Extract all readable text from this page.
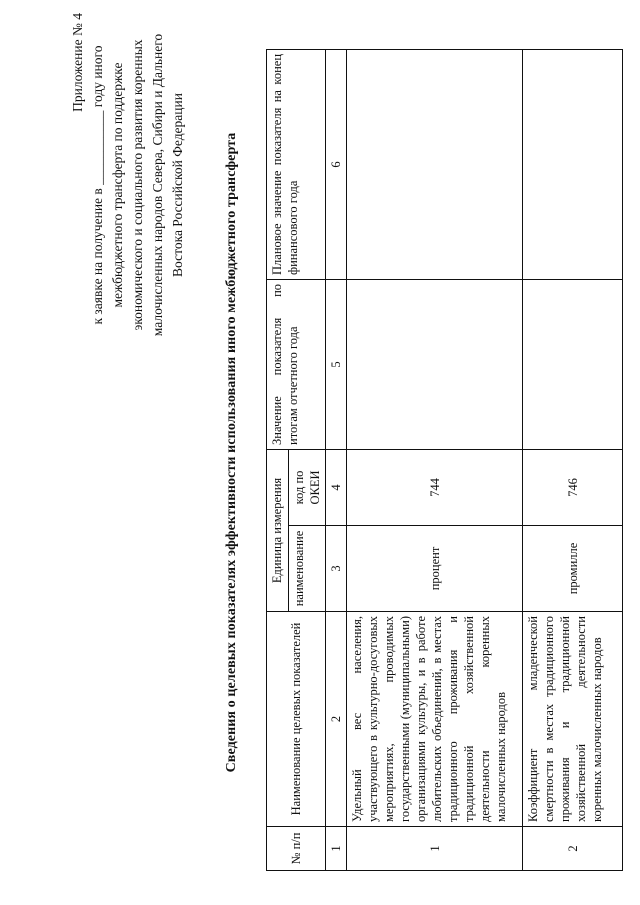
Приложение № 4 к заявке на получение в ___________ году иного межбюджетного трансферта по поддержке экономического и социального развития коренных малочисленных народов Севера, Сибири и Дальнего Востока Российской Федерации	Сведения о целевых показателях эффективности использования иного межбюджетного трансферта
№ п/п	Наименование целевых показателей	Единица измерения		Значение показателя по итогам отчетного года	Плановое значение показателя на конец финансового года
		наименование	код по ОКЕИ		
1	2	3	4	5	6
1	Удельный вес населения, участвующего в культурно-досуговых мероприятиях, проводимых государственными (муниципальными) организациями культуры, и в работе любительских объединений, в местах традиционного проживания и традиционной хозяйственной деятельности коренных малочисленных народов	процент	744		
2	Коэффициент младенческой смертности в местах традиционного проживания и традиционной хозяйственной деятельности коренных малочисленных народов	промилле	746		
